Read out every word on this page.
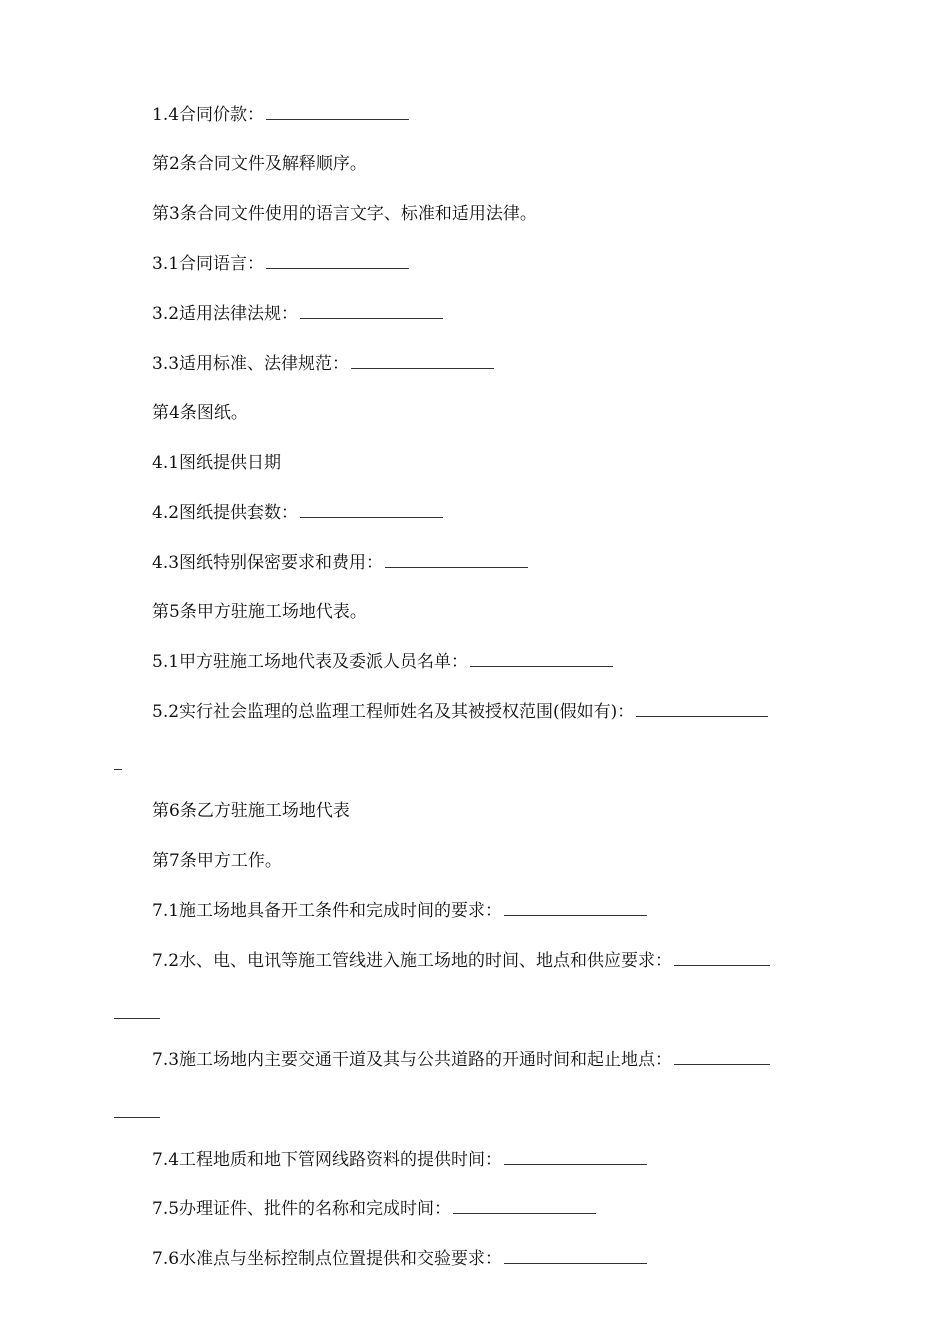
1.4合同价款：
第2条合同文件及解释顺序。
第3条合同文件使用的语言文字、标准和适用法律。
3.1合同语言：
3.2适用法律法规：
3.3适用标准、法律规范：
第4条图纸。
4.1图纸提供日期
4.2图纸提供套数：
4.3图纸特别保密要求和费用：
第5条甲方驻施工场地代表。
5.1甲方驻施工场地代表及委派人员名单：
5.2实行社会监理的总监理工程师姓名及其被授权范围(假如有)：
第6条乙方驻施工场地代表
第7条甲方工作。
7.1施工场地具备开工条件和完成时间的要求：
7.2水、电、电讯等施工管线进入施工场地的时间、地点和供应要求：
7.3施工场地内主要交通干道及其与公共道路的开通时间和起止地点：
7.4工程地质和地下管网线路资料的提供时间：
7.5办理证件、批件的名称和完成时间：
7.6水准点与坐标控制点位置提供和交验要求：
